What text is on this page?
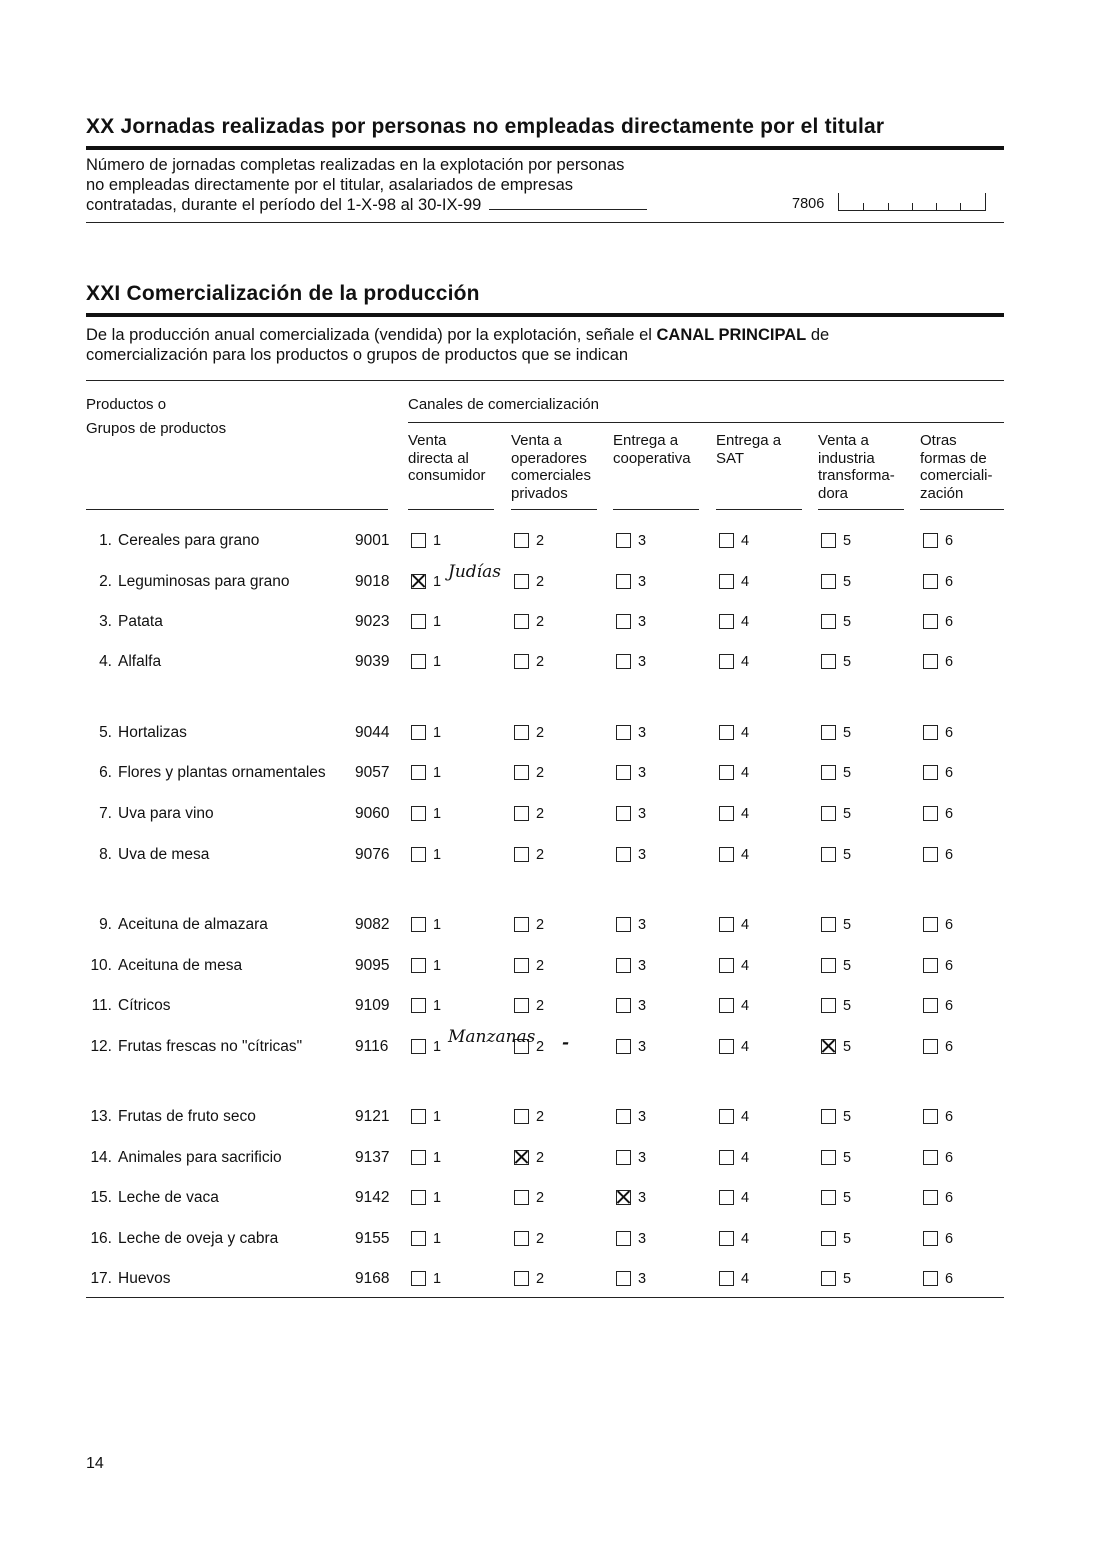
XX Jornadas realizadas por personas no empleadas directamente por el titular
Número de jornadas completas realizadas en la explotación por personas
no empleadas directamente por el titular, asalariados de empresas
contratadas, durante el período del 1-X-98 al 30-IX-99	7806
XXI Comercialización de la producción
De la producción anual comercializada (vendida) por la explotación, señale el CANAL PRINCIPAL de
comercialización para los productos o grupos de productos que se indican
Productos o
Grupos de productos
Canales de comercialización
Venta
directa al
consumidor
Venta a
operadores
comerciales
privados
Entrega a
cooperativa
Entrega a
SAT
Venta a
industria
transforma-
dora
Otras
formas de
comerciali-
zación
1. Cereales para grano	9001	1	2	3	4	5	6
2. Leguminosas para grano	9018	1	2	3	4	5	6
Judías
3. Patata	9023	1	2	3	4	5	6
4. Alfalfa	9039	1	2	3	4	5	6
5. Hortalizas	9044	1	2	3	4	5	6
6. Flores y plantas ornamentales 9057	1	2	3	4	5	6
7. Uva para vino	9060	1	2	3	4	5	6
8. Uva de mesa	9076	1	2	3	4	5	6
9. Aceituna de almazara	9082	1	2	3	4	5	6
10. Aceituna de mesa	9095	1	2	3	4	5	6
11. Cítricos	9109	1	2	3	4	5	6
12. Frutas frescas no "cítricas"	9116	1	2	3	4	5	6
Manzanas -
13. Frutas de fruto seco	9121	1	2	3	4	5	6
14. Animales para sacrificio	9137	1	2	3	4	5	6
15. Leche de vaca	9142	1	2	3	4	5	6
16. Leche de oveja y cabra	9155	1	2	3	4	5	6
17. Huevos	9168	1	2	3	4	5	6
14
